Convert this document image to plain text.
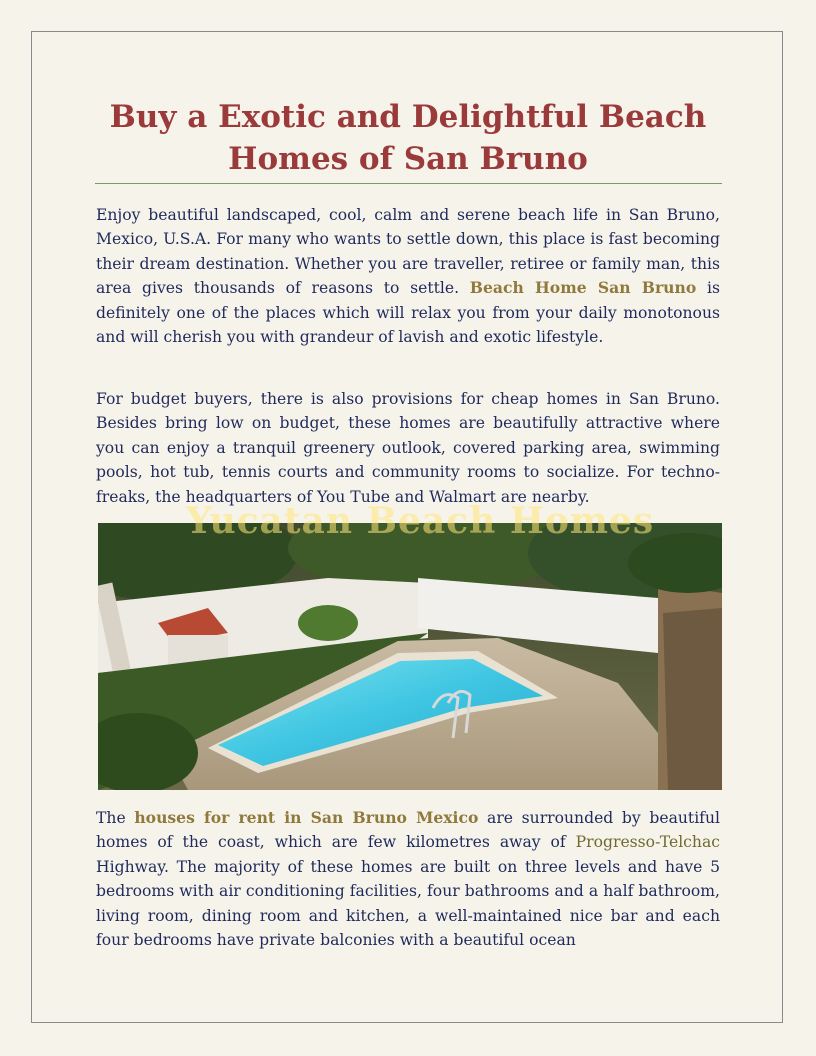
Buy a Exotic and Delightful Beach Homes of San Bruno

Enjoy beautiful landscaped, cool, calm and serene beach life in San Bruno, Mexico, U.S.A. For many who wants to settle down, this place is fast becoming their dream destination. Whether you are traveller, retiree or family man, this area gives thousands of reasons to settle. Beach Home San Bruno is definitely one of the places which will relax you from your daily monotonous and will cherish you with grandeur of lavish and exotic lifestyle.

For budget buyers, there is also provisions for cheap homes in San Bruno. Besides bring low on budget, these homes are beautifully attractive where you can enjoy a tranquil greenery outlook, covered parking area, swimming pools, hot tub, tennis courts and community rooms to socialize. For techno-freaks, the headquarters of You Tube and Walmart are nearby.

Yucatan Beach Homes

The houses for rent in San Bruno Mexico are surrounded by beautiful homes of the coast, which are few kilometres away of Progresso-Telchac Highway. The majority of these homes are built on three levels and have 5 bedrooms with air conditioning facilities, four bathrooms and a half bathroom, living room, dining room and kitchen, a well-maintained nice bar and each four bedrooms have private balconies with a beautiful ocean
